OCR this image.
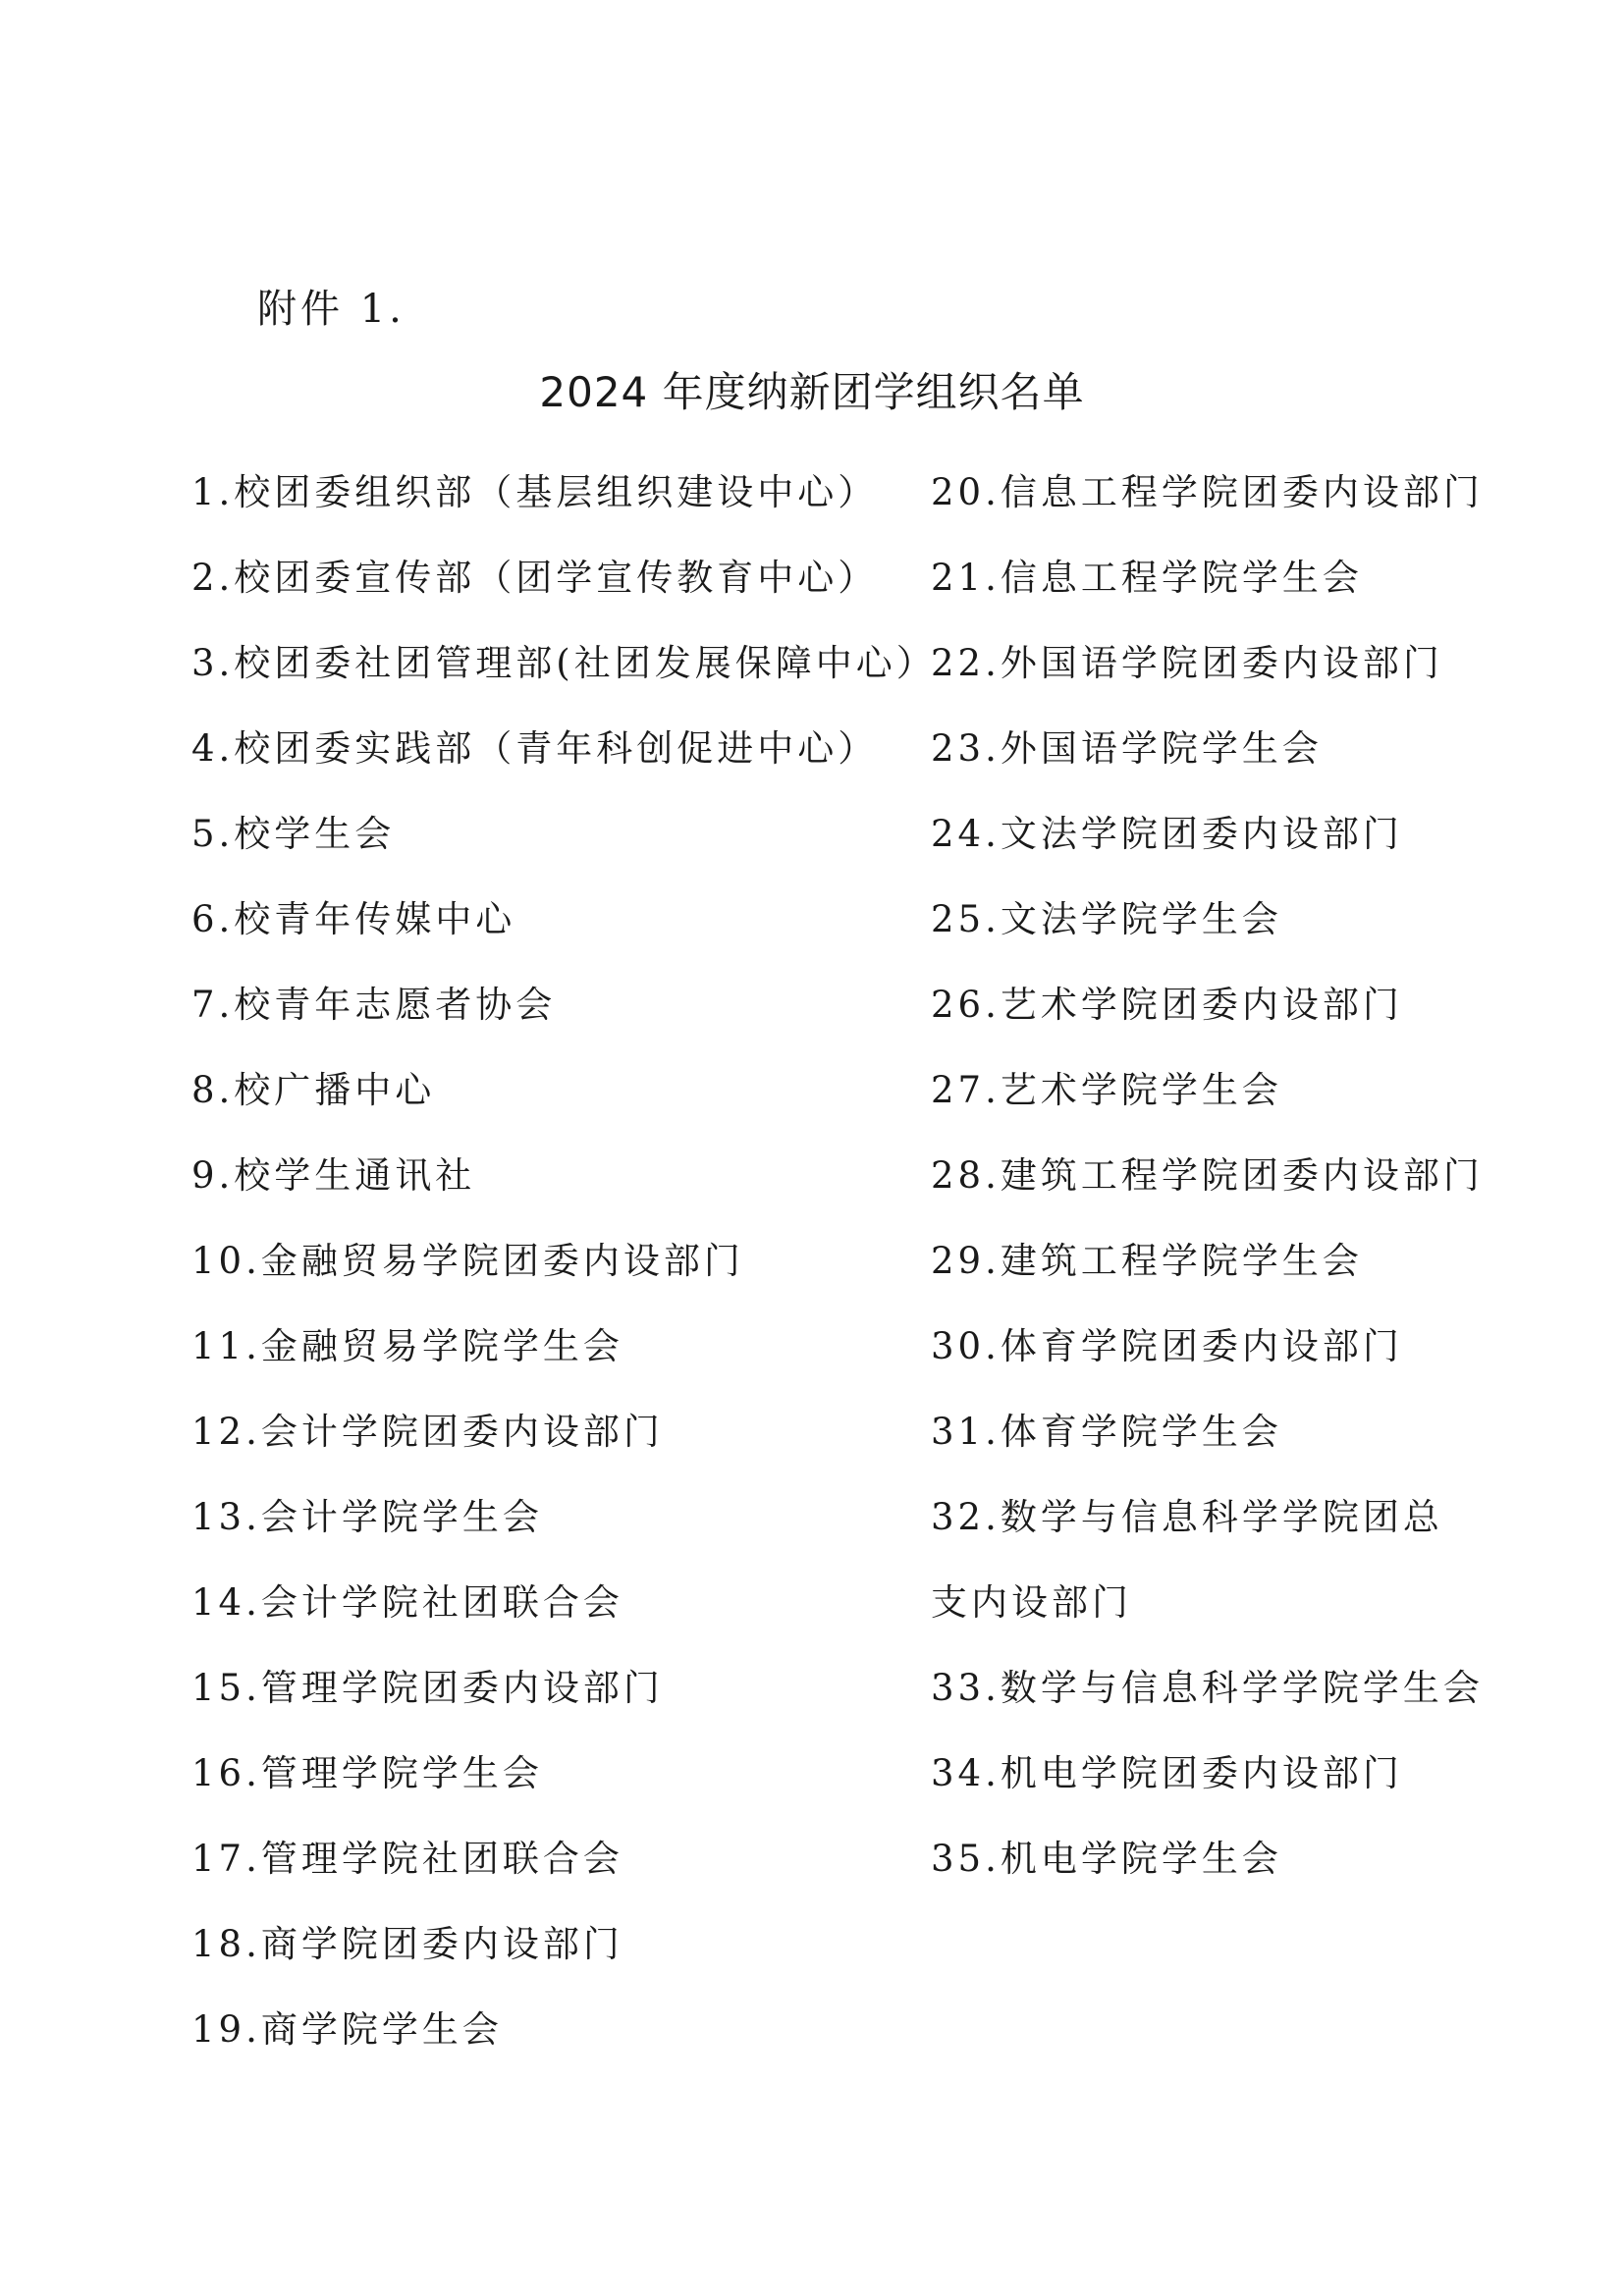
附件 1.
2024 年度纳新团学组织名单
1.校团委组织部（基层组织建设中心）
2.校团委宣传部（团学宣传教育中心）
3.校团委社团管理部(社团发展保障中心）
4.校团委实践部（青年科创促进中心）
5.校学生会
6.校青年传媒中心
7.校青年志愿者协会
8.校广播中心
9.校学生通讯社
10.金融贸易学院团委内设部门
11.金融贸易学院学生会
12.会计学院团委内设部门
13.会计学院学生会
14.会计学院社团联合会
15.管理学院团委内设部门
16.管理学院学生会
17.管理学院社团联合会
18.商学院团委内设部门
19.商学院学生会
20.信息工程学院团委内设部门
21.信息工程学院学生会
22.外国语学院团委内设部门
23.外国语学院学生会
24.文法学院团委内设部门
25.文法学院学生会
26.艺术学院团委内设部门
27.艺术学院学生会
28.建筑工程学院团委内设部门
29.建筑工程学院学生会
30.体育学院团委内设部门
31.体育学院学生会
32.数学与信息科学学院团总
支内设部门
33.数学与信息科学学院学生会
34.机电学院团委内设部门
35.机电学院学生会
